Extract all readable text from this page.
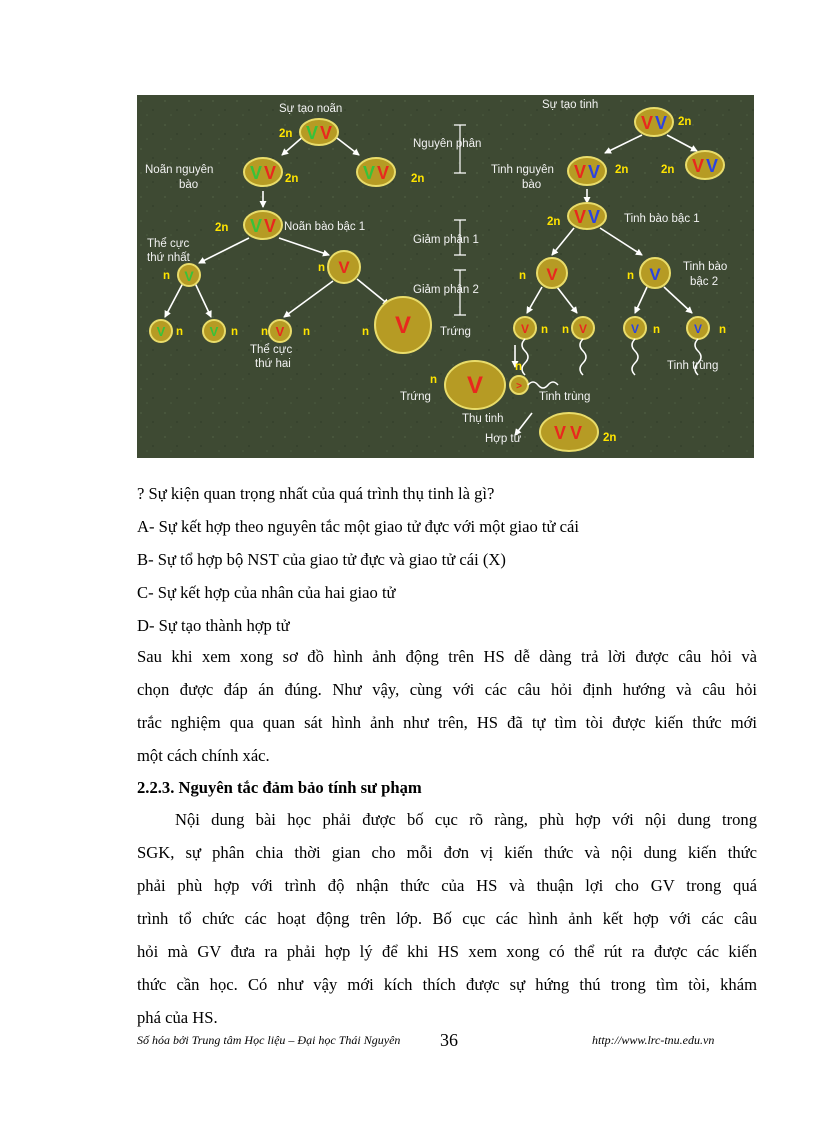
V V
V V	V V
V V
V	V
V	V	V	V
V	>
V V
V V
V V	V V
V V
V	V
V	V	V	V
Sự tạo noãn	Sự tạo tinh
Nguyên phân
Giảm phân 1
Giảm phân 2
Noãn nguyên
bào
Noãn bào bậc 1
Thể cực
thứ nhất
Thể cực
thứ hai
Trứng
Tinh nguyên
bào
Tinh bào bậc 1
Tinh bào
bậc 2
Tinh trùng
Trứng	Tinh trùng
Thụ tinh
Hợp tử
2n
2n	2n
2n
n
n
n	n n	n	n
n
n
2n
2n
2n	2n
2n
n	n
n n	n	n
? Sự kiện quan trọng nhất của quá trình thụ tinh là gì?
A- Sự kết hợp theo nguyên tắc một giao tử đực với một giao tử cái
B- Sự tổ hợp bộ NST của giao tử đực và giao tử cái (X)
C- Sự kết hợp của nhân của hai giao tử
D- Sự tạo thành hợp tử
Sau khi xem xong sơ đồ hình ảnh động trên HS dễ dàng trả lời được câu hỏi và
chọn được đáp án đúng. Như vậy, cùng với các câu hỏi định hướng và câu hỏi
trắc nghiệm qua quan sát hình ảnh như trên, HS đã tự tìm tòi được kiến thức mới
một cách chính xác.
2.2.3. Nguyên tắc đảm bảo tính sư phạm
Nội dung bài học phải được bố cục rõ ràng, phù hợp với nội dung trong
SGK, sự phân chia thời gian cho mỗi đơn vị kiến thức và nội dung kiến thức
phải phù hợp với trình độ nhận thức của HS và thuận lợi cho GV trong quá
trình tổ chức các hoạt động trên lớp. Bố cục các hình ảnh kết hợp với các câu
hỏi mà GV đưa ra phải hợp lý để khi HS xem xong có thể rút ra được các kiến
thức cần học. Có như vậy mới kích thích được sự hứng thú trong tìm tòi, khám
phá của HS.
Số hóa bởi Trung tâm Học liệu – Đại học Thái Nguyên 36	http://www.lrc-tnu.edu.vn
